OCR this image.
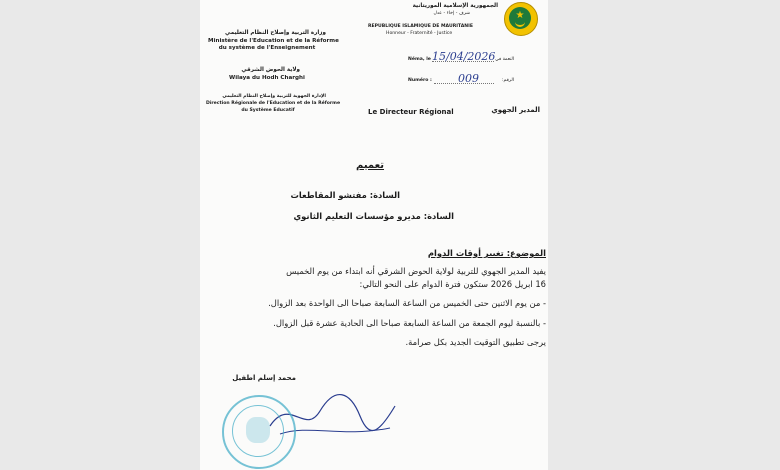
وزارة التربية وإصلاح النظام التعليمي
Ministère de l'Education et de la Réforme
du système de l'Enseignement
ولاية الحوض الشرقي
Wilaya du Hodh Charghi
الإدارة الجهوية للتربية وإصلاح النظام التعليمي
Direction Régionale de l'Education et de la Réforme
du Système Educatif
★
الجمهورية الإسلامية الموريتانية
شرف - إخاء - عدل
REPUBLIQUE ISLAMIQUE DE MAURITANIE
Honneur - Fraternité - Justice
Néma, le 15/04/2026 النعمة في
Numéro : 009	الرقم:
Le Directeur Régional	المدير الجهوي
تعميم
السادة: مفتشو المقاطعات
السادة: مديرو مؤسسات التعليم الثانوي
الموضوع: تغيير أوقات الدوام
يفيد المدير الجهوي للتربية لولاية الحوض الشرقي أنه ابتداء من يوم الخميس
16 ابريل 2026 ستكون فترة الدوام على النحو التالي:
- من يوم الاثنين حتى الخميس من الساعة السابعة صباحا الى الواحدة بعد الزوال.
- بالنسبة ليوم الجمعة من الساعة السابعة صباحا الى الحادية عشرة قبل الزوال.
يرجى تطبيق التوقيت الجديد بكل صرامة.
محمد إسلم اطفيل
